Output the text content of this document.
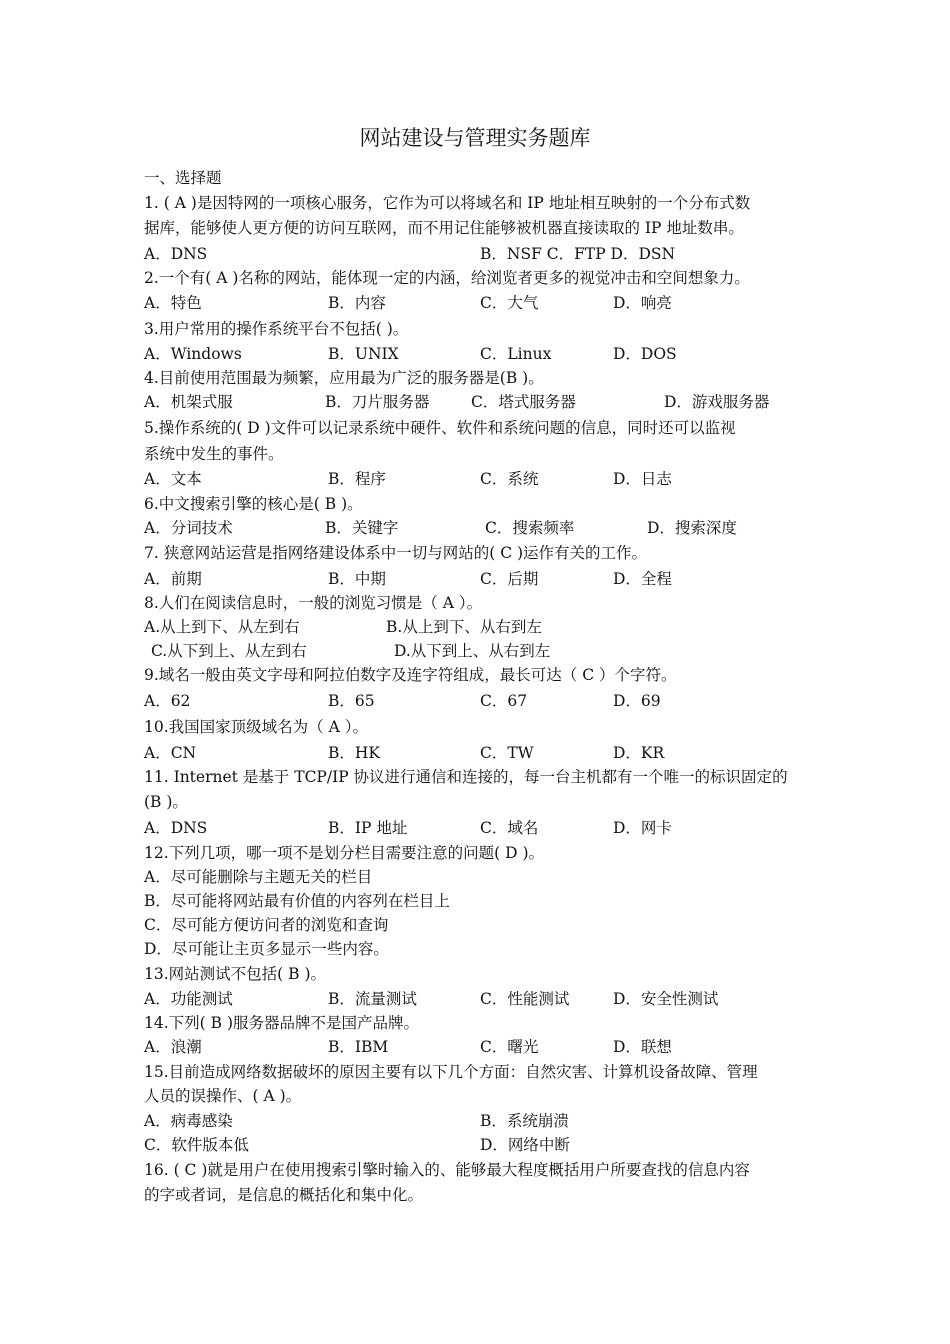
网站建设与管理实务题库
一、选择题
1. ( A )是因特网的一项核心服务，它作为可以将域名和 IP 地址相互映射的一个分布式数
据库，能够使人更方便的访问互联网，而不用记住能够被机器直接读取的 IP 地址数串。
A．DNS	B．NSF C．FTP D．DSN
2.一个有( A )名称的网站，能体现一定的内涵，给浏览者更多的视觉冲击和空间想象力。
A．特色	B．内容	C．大气	D．响亮
3.用户常用的操作系统平台不包括( )。
A．Windows	B．UNIX	C．Linux	D．DOS
4.目前使用范围最为频繁，应用最为广泛的服务器是(B )。
A．机架式服	B．刀片服务器	C．塔式服务器	D．游戏服务器
5.操作系统的( D )文件可以记录系统中硬件、软件和系统问题的信息，同时还可以监视
系统中发生的事件。
A．文本	B．程序	C．系统	D．日志
6.中文搜索引擎的核心是( B )。
A．分词技术	B．关键字	C．搜索频率	D．搜索深度
7. 狭意网站运营是指网络建设体系中一切与网站的( C )运作有关的工作。
A．前期	B．中期	C．后期	D．全程
8.人们在阅读信息时，一般的浏览习惯是（ A ）。
A.从上到下、从左到右	B.从上到下、从右到左
C.从下到上、从左到右	D.从下到上、从右到左
9.域名一般由英文字母和阿拉伯数字及连字符组成，最长可达（ C ）个字符。
A．62	B．65	C．67	D．69
10.我国国家顶级域名为（ A ）。
A．CN	B．HK	C．TW	D．KR
11. Internet 是基于 TCP/IP 协议进行通信和连接的，每一台主机都有一个唯一的标识固定的
(B )。
A．DNS	B．IP 地址	C．域名	D．网卡
12.下列几项，哪一项不是划分栏目需要注意的问题( D )。
A．尽可能删除与主题无关的栏目
B．尽可能将网站最有价值的内容列在栏目上
C．尽可能方便访问者的浏览和查询
D．尽可能让主页多显示一些内容。
13.网站测试不包括( B )。
A．功能测试	B．流量测试	C．性能测试	D．安全性测试
14.下列( B )服务器品牌不是国产品牌。
A．浪潮	B．IBM	C．曙光	D．联想
15.目前造成网络数据破坏的原因主要有以下几个方面：自然灾害、计算机设备故障、管理
人员的误操作、( A )。
A．病毒感染	B．系统崩溃
C．软件版本低	D．网络中断
16. ( C )就是用户在使用搜索引擎时输入的、能够最大程度概括用户所要查找的信息内容
的字或者词，是信息的概括化和集中化。
